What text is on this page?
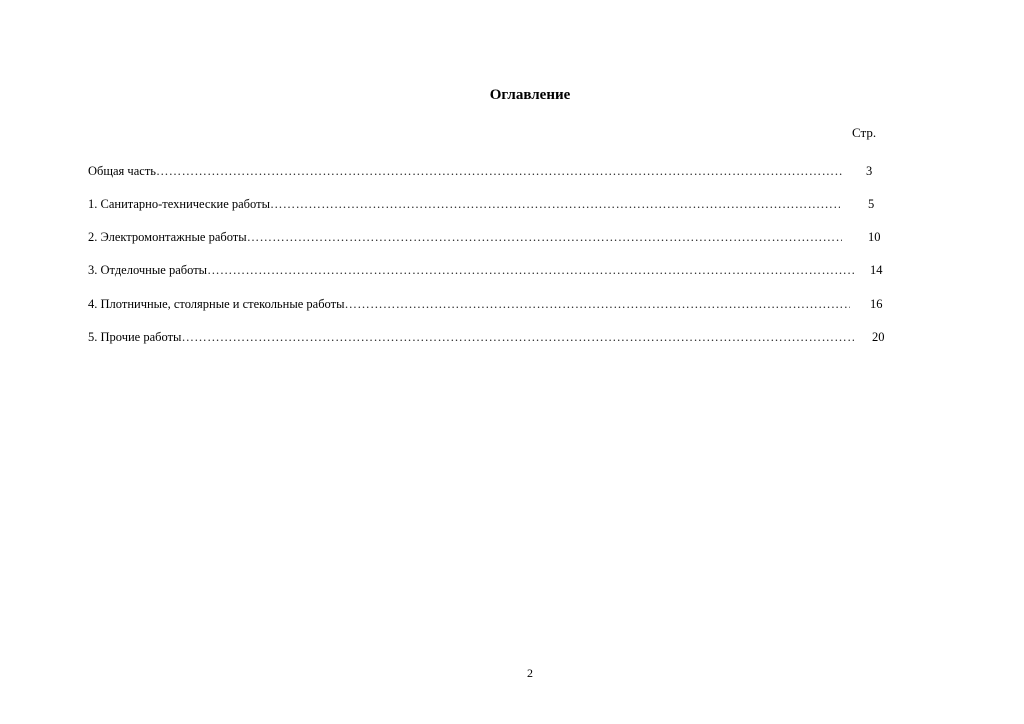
Оглавление
Стр.
Общая часть
………………………………………………………………………………………………………………………………………………………………………………………………………………………………
1. Санитарно-технические работы
………………………………………………………………………………………………………………………………………………………………………………………………………………………………
2. Электромонтажные работы
………………………………………………………………………………………………………………………………………………………………………………………………………………………………
3. Отделочные работы
………………………………………………………………………………………………………………………………………………………………………………………………………………………………
4. Плотничные, столярные и стекольные работы
………………………………………………………………………………………………………………………………………………………………………………………………………………………………
5. Прочие работы
………………………………………………………………………………………………………………………………………………………………………………………………………………………………
3
5
10
14
16
20
2
